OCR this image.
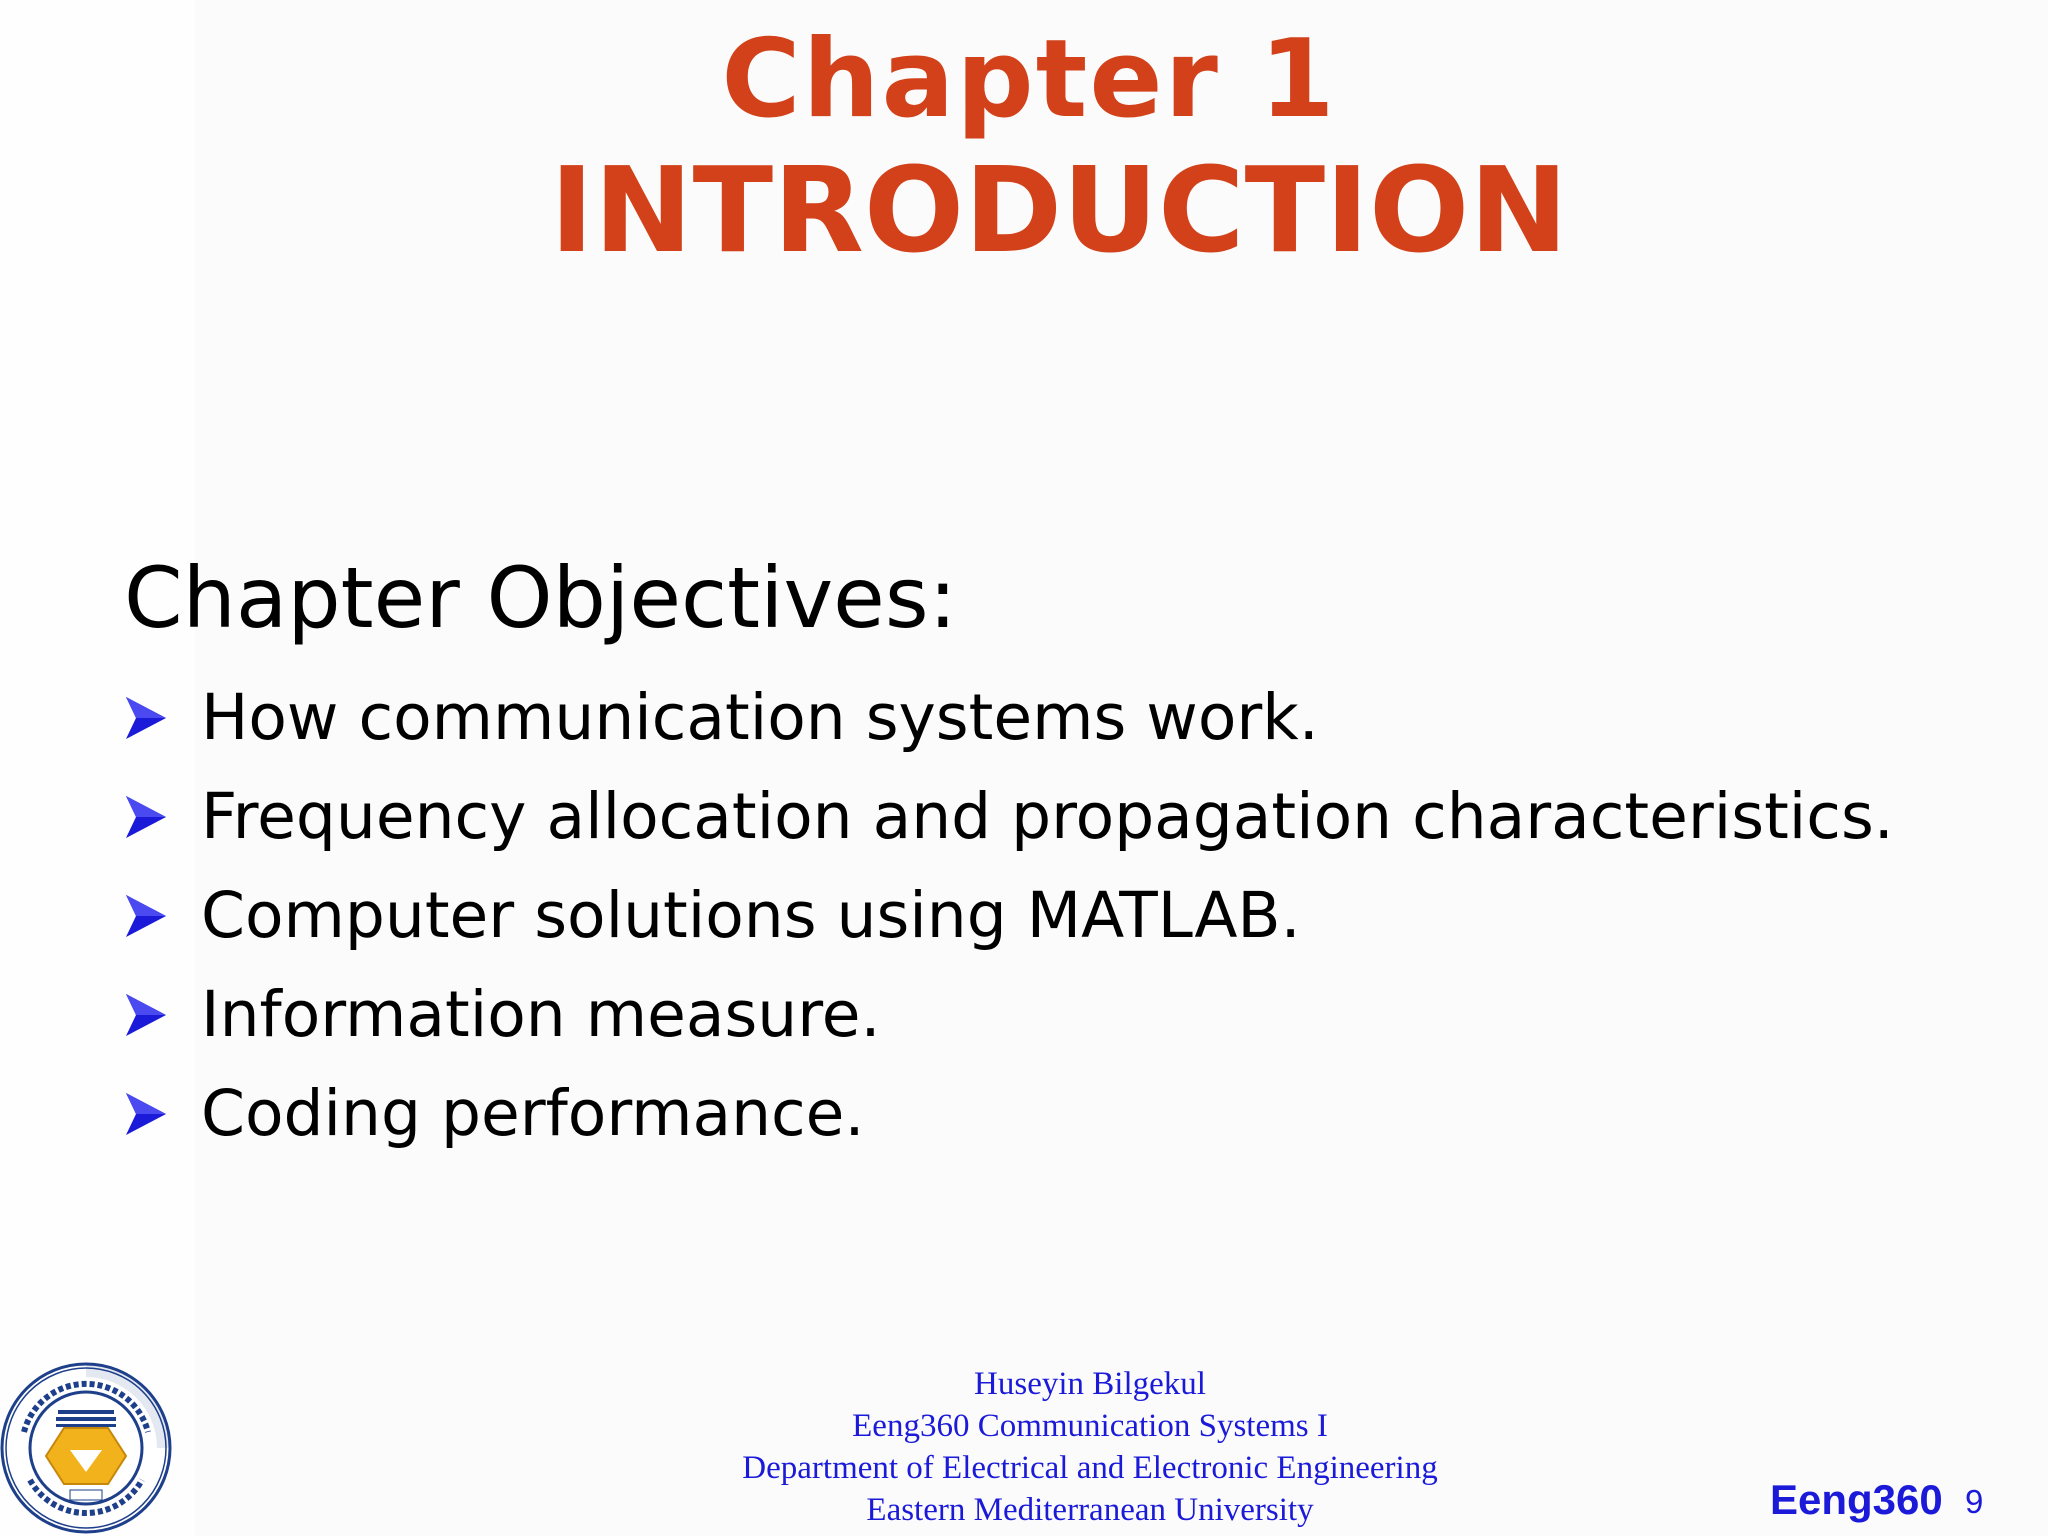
Chapter 1
INTRODUCTION
Chapter Objectives:
How communication systems work.
Frequency allocation and propagation characteristics.
Computer solutions using MATLAB.
Information measure.
Coding performance.
Huseyin Bilgekul
Eeng360 Communication Systems I
Department of Electrical and Electronic Engineering
Eastern Mediterranean University	Eeng360 9
